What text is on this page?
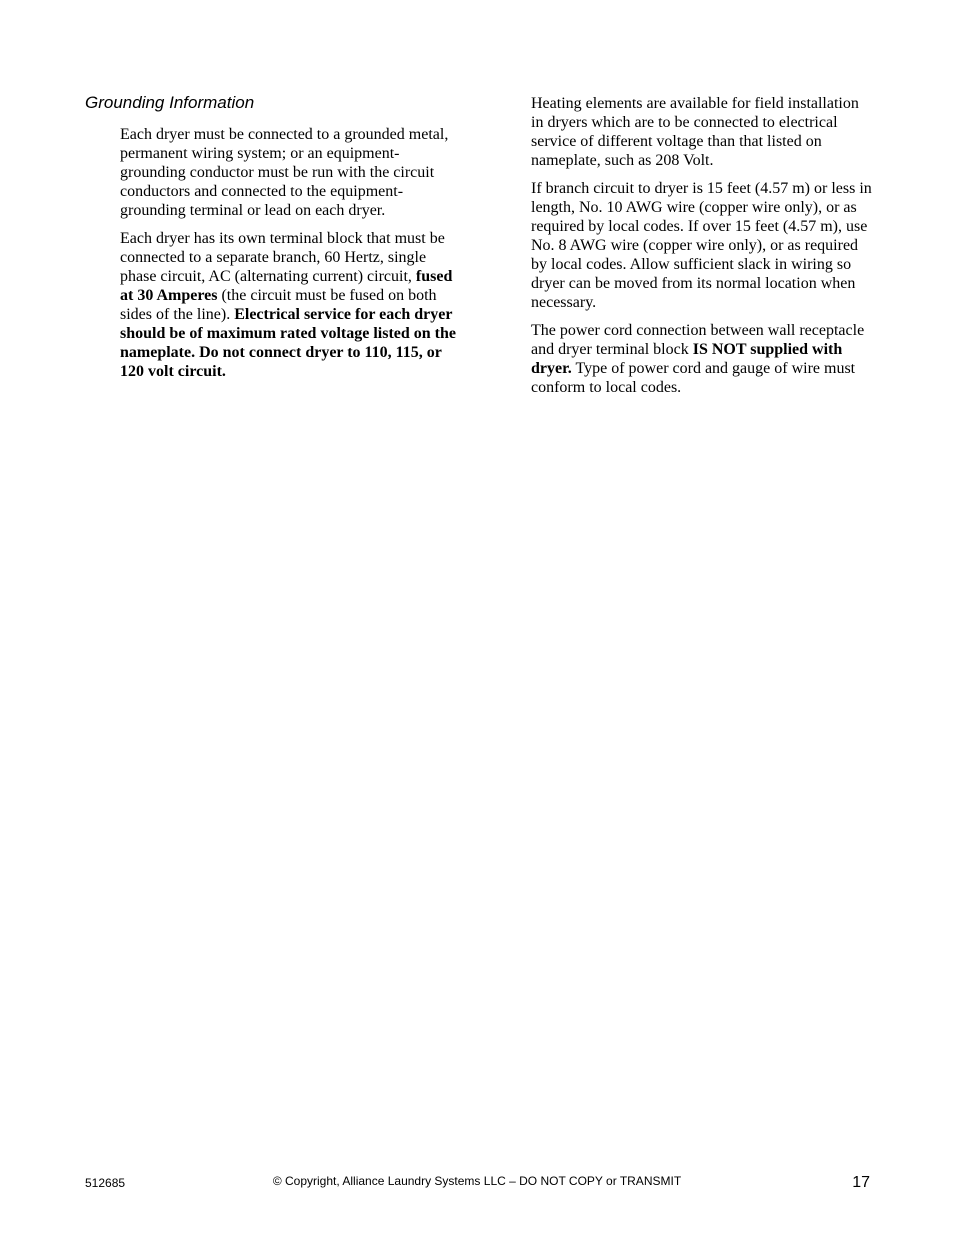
Grounding Information

Each dryer must be connected to a grounded metal, permanent wiring system; or an equipment-grounding conductor must be run with the circuit conductors and connected to the equipment-grounding terminal or lead on each dryer.

Each dryer has its own terminal block that must be connected to a separate branch, 60 Hertz, single phase circuit, AC (alternating current) circuit, fused at 30 Amperes (the circuit must be fused on both sides of the line). Electrical service for each dryer should be of maximum rated voltage listed on the nameplate. Do not connect dryer to 110, 115, or 120 volt circuit.

Heating elements are available for field installation in dryers which are to be connected to electrical service of different voltage than that listed on nameplate, such as 208 Volt.

If branch circuit to dryer is 15 feet (4.57 m) or less in length, No. 10 AWG wire (copper wire only), or as required by local codes. If over 15 feet (4.57 m), use No. 8 AWG wire (copper wire only), or as required by local codes. Allow sufficient slack in wiring so dryer can be moved from its normal location when necessary.

The power cord connection between wall receptacle and dryer terminal block IS NOT supplied with dryer. Type of power cord and gauge of wire must conform to local codes.

512685	© Copyright, Alliance Laundry Systems LLC – DO NOT COPY or TRANSMIT	17
